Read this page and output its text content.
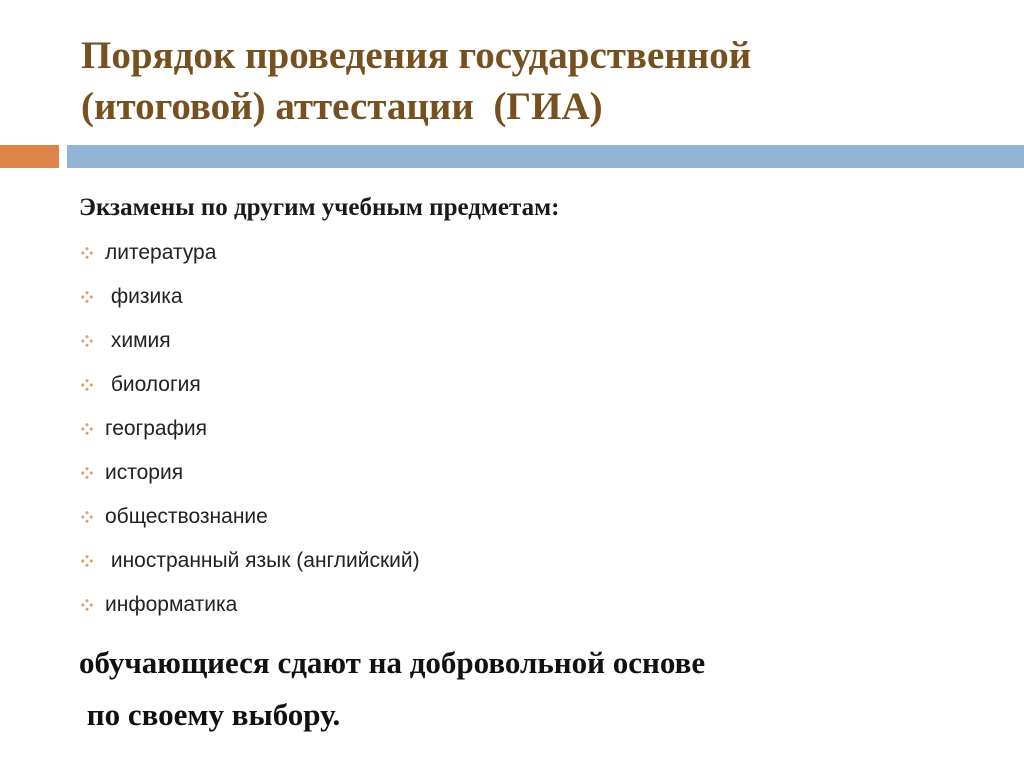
Порядок проведения государственной
(итоговой) аттестации  (ГИА)
Экзамены по другим учебным предметам:
литература
физика
химия
биология
география
история
обществознание
иностранный язык (английский)
информатика
обучающиеся сдают на добровольной основе
по своему выбору.
